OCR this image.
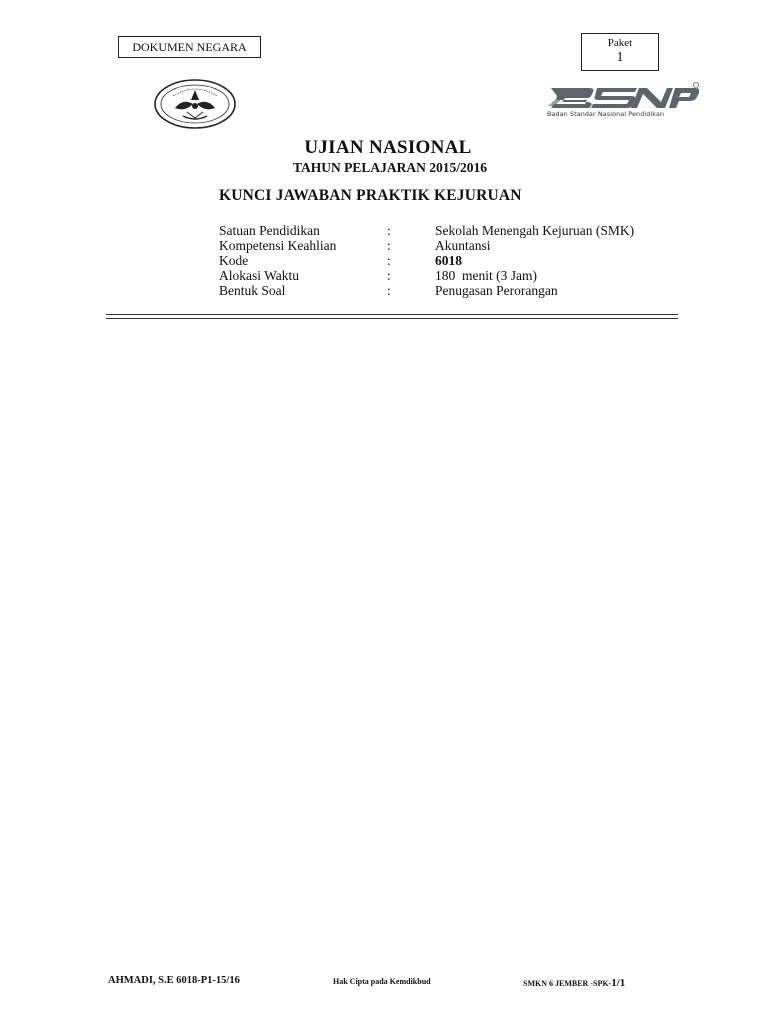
DOKUMEN NEGARA	Paket
1
Badan Standar Nasional Pendidikan
UJIAN NASIONAL
TAHUN PELAJARAN 2015/2016
KUNCI JAWABAN PRAKTIK KEJURUAN
Satuan Pendidikan	:	Sekolah Menengah Kejuruan (SMK)
Kompetensi Keahlian	:	Akuntansi
Kode	:	6018
Alokasi Waktu	:	180  menit (3 Jam)
Bentuk Soal	:	Penugasan Perorangan
AHMADI, S.E 6018-P1-15/16	Hak Cipta pada Kemdikbud	SMKN 6 JEMBER -SPK-1/1
